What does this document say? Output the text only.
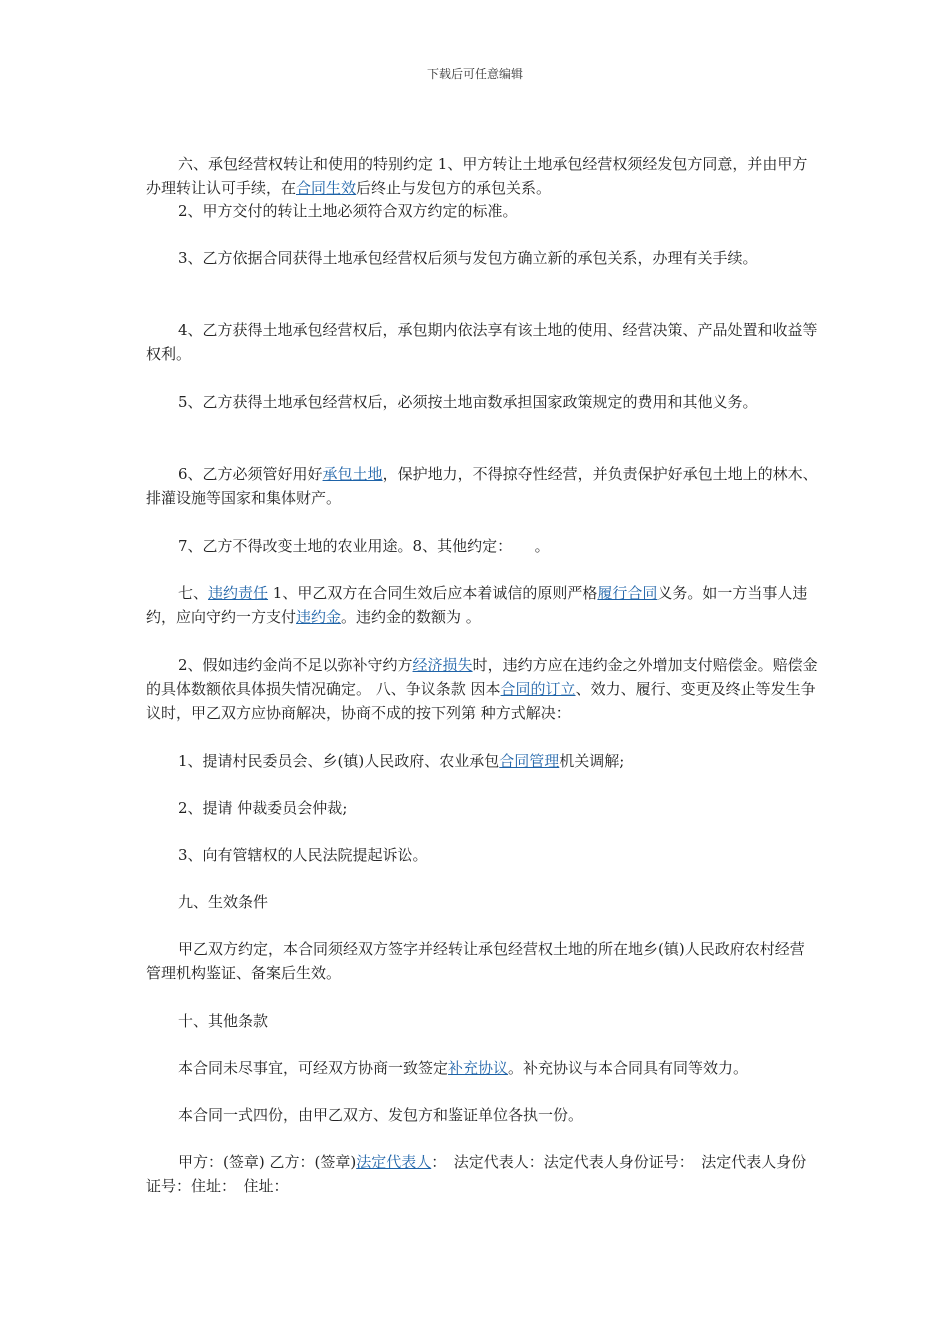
下载后可任意编辑

六、承包经营权转让和使用的特别约定 1、甲方转让土地承包经营权须经发包方同意，并由甲方办理转让认可手续，在合同生效后终止与发包方的承包关系。

2、甲方交付的转让土地必须符合双方约定的标准。

3、乙方依据合同获得土地承包经营权后须与发包方确立新的承包关系，办理有关手续。

4、乙方获得土地承包经营权后，承包期内依法享有该土地的使用、经营决策、产品处置和收益等权利。

5、乙方获得土地承包经营权后，必须按土地亩数承担国家政策规定的费用和其他义务。

6、乙方必须管好用好承包土地，保护地力，不得掠夺性经营，并负责保护好承包土地上的林木、排灌设施等国家和集体财产。

7、乙方不得改变土地的农业用途。8、其他约定：　　。

七、违约责任 1、甲乙双方在合同生效后应本着诚信的原则严格履行合同义务。如一方当事人违约，应向守约一方支付违约金。违约金的数额为 。

2、假如违约金尚不足以弥补守约方经济损失时，违约方应在违约金之外增加支付赔偿金。赔偿金的具体数额依具体损失情况确定。 八、争议条款 因本合同的订立、效力、履行、变更及终止等发生争议时，甲乙双方应协商解决，协商不成的按下列第 种方式解决：

1、提请村民委员会、乡(镇)人民政府、农业承包合同管理机关调解;

2、提请 仲裁委员会仲裁;

3、向有管辖权的人民法院提起诉讼。

九、生效条件

甲乙双方约定，本合同须经双方签字并经转让承包经营权土地的所在地乡(镇)人民政府农村经营管理机构鉴证、备案后生效。

十、其他条款

本合同未尽事宜，可经双方协商一致签定补充协议。补充协议与本合同具有同等效力。

本合同一式四份，由甲乙双方、发包方和鉴证单位各执一份。

甲方：(签章) 乙方：(签章)法定代表人：　法定代表人：法定代表人身份证号：　法定代表人身份证号：住址：　住址：
